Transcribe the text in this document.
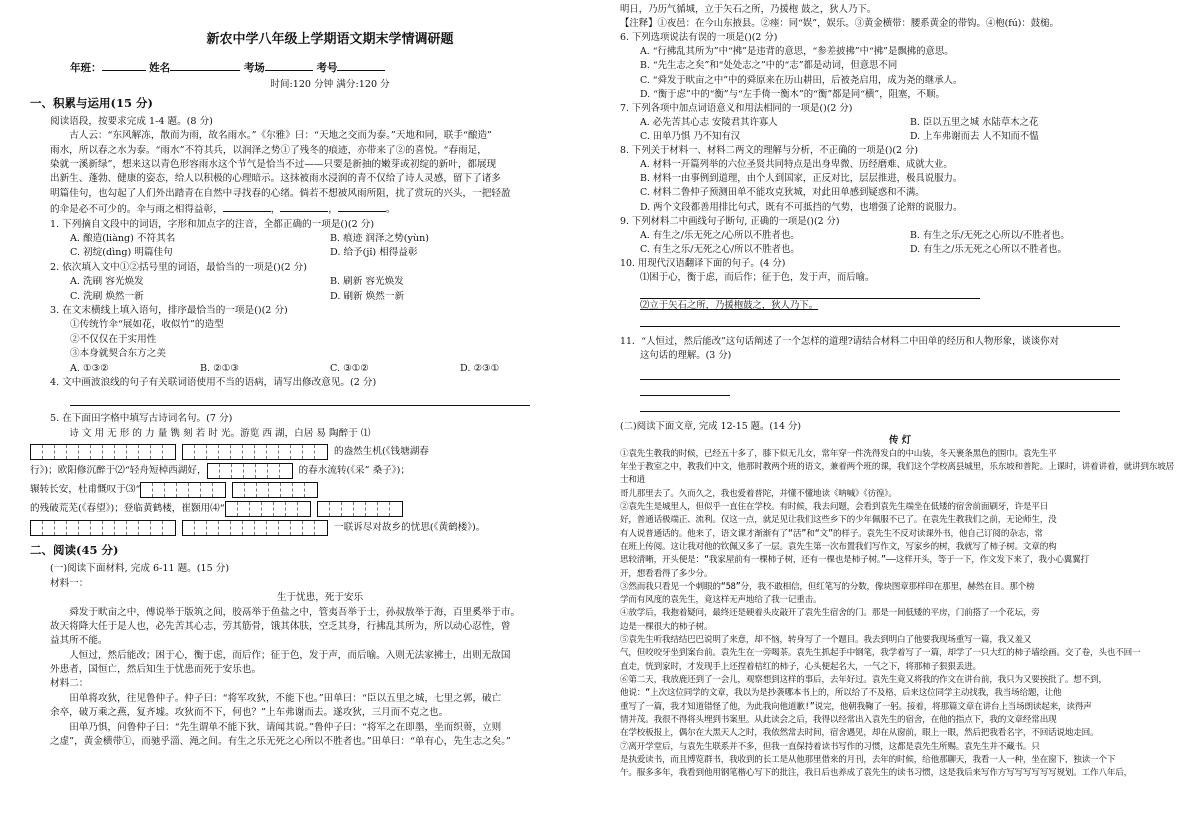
新农中学八年级上学期语文期末学情调研题
年班：	姓名	考场	考号
时间:120 分钟 满分:120 分
一、积累与运用(15 分)

阅读语段，按要求完成 1-4 题。(8 分)

古人云：“东风解冻，散而为雨，故名雨水。”《尔雅》曰：“天地之交而为泰。”天地和同，联手“酿造”

雨水，所以春之水为泰。“雨水”不符其兵，以润泽之势①了残冬的痕迹，亦带来了②的喜悦。“春雨足，

染就一溪新绿”，想来这以青色形容雨水这个节气是恰当不过——只要是新抽的嫩芽或初绽的新叶，都展现

出新生、蓬勃、健康的姿态，给人以积极的心理暗示。这抹被雨水浸润的青不仅给了诗人灵感，留下了诸多

明篇佳句，也勾起了人们外出踏青在自然中寻找春的心绪。倘若不想被风雨所阻，扰了赏玩的兴头，一把轻盈

的伞是必不可少的。伞与雨之相得益彰，	，	，	。

1. 下列摘自文段中的词语，字形和加点字的注音，全都正确的一项是()(2 分)

A. 酿造(liàng) 不符其名	B. 痕迹 润泽之势(yùn)
C. 初绽(dìng) 明篇佳句	D. 给予(jǐ) 相得益彰

2. 依次填入文中①②括号里的词语，最恰当的一项是()(2 分)

A. 洗刷 容光焕发	B. 刷新 容光焕发
C. 洗刷 焕然一新	D. 刷新 焕然一新

3. 在文末横线上填入语句，排序最恰当的一项是()(2 分)

①传统竹伞“展如花，收似竹”的造型

②不仅仅在于实用性

③本身就契合东方之美

A. ①③②	B. ②①③	C. ③①②	D. ②③①

4. 文中画波浪线的句子有关联词语使用不当的语病，请写出修改意见。(2 分)

5. 在下面田字格中填写古诗词名句。(7 分)

诗 文 用 无 形 的 力 量 镌 刻 若 时 光。游览 西 湖，白居 易 陶醉于 ⑴

的盎然生机(《钱塘湖春
行》)；欧阳修沉醉于⑵“轻舟短棹西湖好，	的春水流转(《采” 桑子》)；
辗转长安，杜甫慨叹于⑶“
的残破荒芜(《春望》)；登临黄鹤楼，崔颢用⑷“
一联诉尽对故乡的忧思(《黄鹤楼》)。
二、阅读(45 分)

(一)阅读下面材料, 完成 6-11 题。(15 分)

材料一：

生于忧患，死于安乐

舜发于畎亩之中，傅说举于版筑之间，胶鬲举于鱼盐之中，管夷吾举于士，孙叔敖举于海，百里奚举于市。

故天将降大任于是人也，必先苦其心志，劳其筋骨，饿其体肤，空乏其身，行拂乱其所为，所以动心忍性，曾

益其所不能。

人恒过，然后能改；困于心，衡于虑，而后作；征于色，发于声，而后喻。入则无法家拂士，出则无敌国

外患者，国恒亡，然后知生于忧患而死于安乐也。

材料二：

田单将攻狄，往见鲁仲子。仲子曰：“将军攻狄，不能下也。”田单曰：“臣以五里之城，七里之郭，破亡

余卒，破万乘之燕，复齐墟。攻狄而不下，何也？”上车弗谢而去。遂攻狄，三月而不克之也。

田单乃惧，问鲁仲子曰：“先生谓单不能下狄，请闻其说。”鲁仲子曰：“将军之在即墨，坐而织蒉，立则

之虚”，黄金横带①，而驰乎淄、渑之间。有生之乐无死之心所以不胜者也。”田单曰：“单有心，先生志之矣。”

明日，乃历气循城，立于矢石之所，乃援枹 鼓之，狄人乃下。

【注释】①夜邑：在今山东掖县。②瘗：同“娱”，娱乐。③黄金横带：腰系黄金的带钩。④枹(fú)：鼓槌。

6. 下列选项说法有误的一项是()(2 分)

A. “行拂乱其所为”中“拂”是违背的意思，“参差披拂”中“拂”是飘拂的意思。

B. “先生志之矣”和“处处志之”中的“志”都是动词，但意思不同

C. “舜发于畎亩之中”中的舜原来在历山耕田，后被尧启用，成为尧的继承人。

D. “衡于虑”中的“衡”与“左手倚一衡木”的“衡”都是同“横”，阻塞，不顺。

7. 下列各项中加点词语意义和用法相同的一项是()(2 分)

A. 必先苦其心志 安陵君其许寡人	B. 臣以五里之城 水陆草木之花
C. 田单乃惧 乃不知有汉	D. 上车弗谢而去 人不知而不愠

8. 下列关于材料一、材料二两文的理解与分析，不正确的一项是()(2 分)

A. 材料一开篇列举的六位圣贤共同特点是出身卑微、历经磨难、成就大业。

B. 材料一由事例到道理，由个人到国家，正反对比，层层推进，极具说服力。

C. 材料二鲁仲子预测田单不能攻克狄城，对此田单感到疑惑和不满。

D. 两个文段都善用排比句式，既有不可抵挡的气势，也增强了论辩的说服力。

9. 下列材料二中画线句子断句, 正确的一项是()(2 分)

A. 有生之/乐无死之/心所以不胜者也。	B. 有生之乐/无死之心所以/不胜者也。
C. 有生之乐/无死之心/所以不胜者也。	D. 有生之/乐无死之心所以不胜者也。

10. 用现代汉语翻译下面的句子。(4 分)

⑴困于心，衡于虑，而后作；征于色，发于声，而后喻。

⑵立于矢石之所，乃援枹鼓之，狄人乃下。

11．“人恒过，然后能改”这句话阐述了一个怎样的道理?请结合材料二中田单的经历和人物形象，谈谈你对

这句话的理解。(3 分)

(二)阅读下面文章, 完成 12-15 题。(14 分)

传 灯

①袁先生教我的时候，已经五十多了，膝下似无儿女，常年穿一件洗得发白的中山装，冬天裹条黑色的围巾。袁先生平

年坐于教室之中，教我们中文，他那时教两个班的语文，兼着两个班的课，我们这个学校离县城里，乐东坡和普陀。上课时，讲着讲着，就讲到东坡居士和逍

哥儿那里去了。久而久之，我也爱着普陀，并懂不懂地读《呐喊》《彷徨》。

②袁先生是城里人，但似乎一直住在学校。有时候，我去问题，会看到袁先生端坐在低矮的宿舍前面刷牙，许是平日

好，普通话极端正、流利。仅这一点，就足见让我们这些乡下的少年佩服不已了。在袁先生教我们之前，无论师生，没

有人说普通话的。他来了，语文课才渐渐有了“活”和“文”的样子。袁先生不反对读课外书，他自己订阅的杂志，常

在班上传阅。这让我对他的钦佩又多了一层。袁先生第一次布置我们写作文，写家乡的树，我就写了柿子树。文章的构

思较清晰，开头便是：“我家屋前有一棵柿子树，还有一棵也是柿子树。”——这样开头，等于一下，作文发下来了，我小心翼翼打

开，想看看得了多少分。

③然而我只看见一个刺眼的“58”分，我不敢相信，但红笔写的分数，像块图章那样印在那里，赫然在目。那个榜

学而有风度的袁先生，竟这样无声地给了我一记重击。

④放学后，我抱着疑问，最终还是硬着头皮敲开了袁先生宿舍的门。那是一间低矮的平房，门前搭了一个花坛，旁

边是一棵很大的柿子树。

⑤袁先生听我结结巴巴说明了来意，却不恼，转身写了一个题目。我去到明白了他要我现场重写一篇，我又羞又

气，但咬咬牙坐到案台前。袁先生在一旁喝茶。袁先生抓起手中钢笔，我学着写了一篇，却学了一只大红的柿子墙绘画。交了卷，头也不回一

直走，恍到家时，才发现手上还捏着桔红的柿子，心头便起名大，一气之下，将那柿子狠狠丢进。

⑥第二天，我放鹿还到了一会儿，观察想到这样的事后，去年好过。袁先生竟又将我的作文在讲台前，我只为又要挨批了。想不到，

他说：“上次这位同学的文章，我以为是抄袭哪本书上的，所以给了不及格，后来这位同学主动找我，我当场给题，让他

重写了一篇，我才知道错怪了他，为此我向他道歉!”说完，他朝我鞠了一躬。接着，将那篇文章在讲台上当场朗读起来，读得声

情并茂。我很不得将头埋到书案里。从此读会之后，我得以经常出入袁先生的宿舍，在他的指点下，我的文章经常出现

在学校板报上，偶尔在大黑天人之时，我依然常去时间，宿舍遇见，却在从窗前，眼上一眼，然后把我看名字，不回话说地走回。

⑦离开学堂后，与袁先生联系并不多，但我一直保持着读书写作的习惯，这都是袁先生所赐。袁先生并不藏书。只

是执爱读书，而且博览群书，我收到的长工是从他那里借来的月刊，去年的时候，给他那聊天，我看一人一种，坐在窗下，独读一个下

午。服多多年，我看到他用钢笔楷心写下的批注，我日后也养成了袁先生的读书习惯，这是我后来写作方写写写写写写规划。工作八年后，
